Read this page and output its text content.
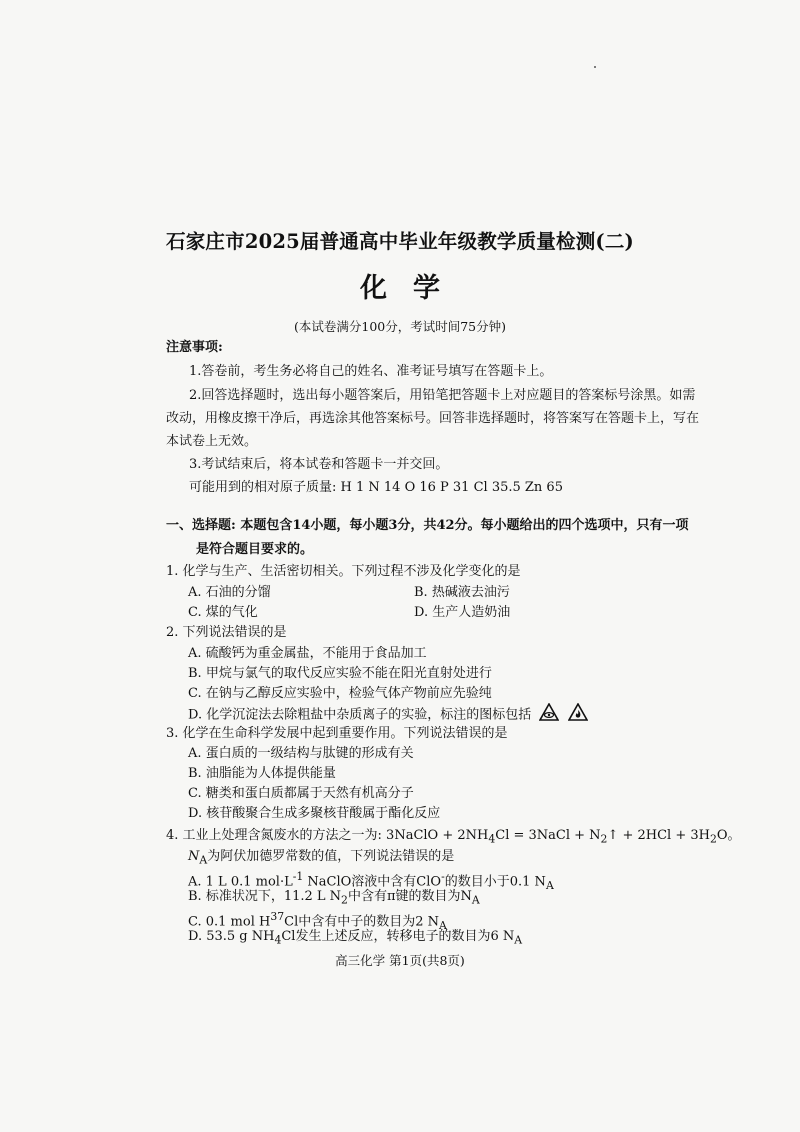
石家庄市2025届普通高中毕业年级教学质量检测(二)
化学
(本试卷满分100分，考试时间75分钟)
注意事项:
1.答卷前，考生务必将自己的姓名、准考证号填写在答题卡上。
2.回答选择题时，选出每小题答案后，用铅笔把答题卡上对应题目的答案标号涂黑。如需
改动，用橡皮擦干净后，再选涂其他答案标号。回答非选择题时，将答案写在答题卡上，写在
本试卷上无效。
3.考试结束后，将本试卷和答题卡一并交回。
可能用到的相对原子质量: H 1 N 14 O 16 P 31 Cl 35.5 Zn 65
一、选择题: 本题包含14小题，每小题3分，共42分。每小题给出的四个选项中，只有一项
是符合题目要求的。
1. 化学与生产、生活密切相关。下列过程不涉及化学变化的是
A. 石油的分馏	B. 热碱液去油污
C. 煤的气化	D. 生产人造奶油
2. 下列说法错误的是
A. 硫酸钙为重金属盐，不能用于食品加工
B. 甲烷与氯气的取代反应实验不能在阳光直射处进行
C. 在钠与乙醇反应实验中，检验气体产物前应先验纯
D. 化学沉淀法去除粗盐中杂质离子的实验，标注的图标包括
3. 化学在生命科学发展中起到重要作用。下列说法错误的是
A. 蛋白质的一级结构与肽键的形成有关
B. 油脂能为人体提供能量
C. 糖类和蛋白质都属于天然有机高分子
D. 核苷酸聚合生成多聚核苷酸属于酯化反应
4. 工业上处理含氮废水的方法之一为: 3NaClO + $2NH_4Cl$ = 3NaCl + $N_2↑ + 2HCl + 3H_2O$。
$N_A$为阿伏加德罗常数的值，下列说法错误的是
A. 1 L 0.1 $mol\cdot L^{-1}$ NaClO溶液中含有ClO-的数目小于0.1 $N_A$
B. 标准状况下，11.2 L $N_2$中含有π键的数目为$N_A$
C. 0.1 mol $H^{37}Cl$中含有中子的数目为2 $N_A$
D. 53.5 g $NH_4Cl$发生上述反应，转移电子的数目为6 $N_A$
高三化学 第1页(共8页)
